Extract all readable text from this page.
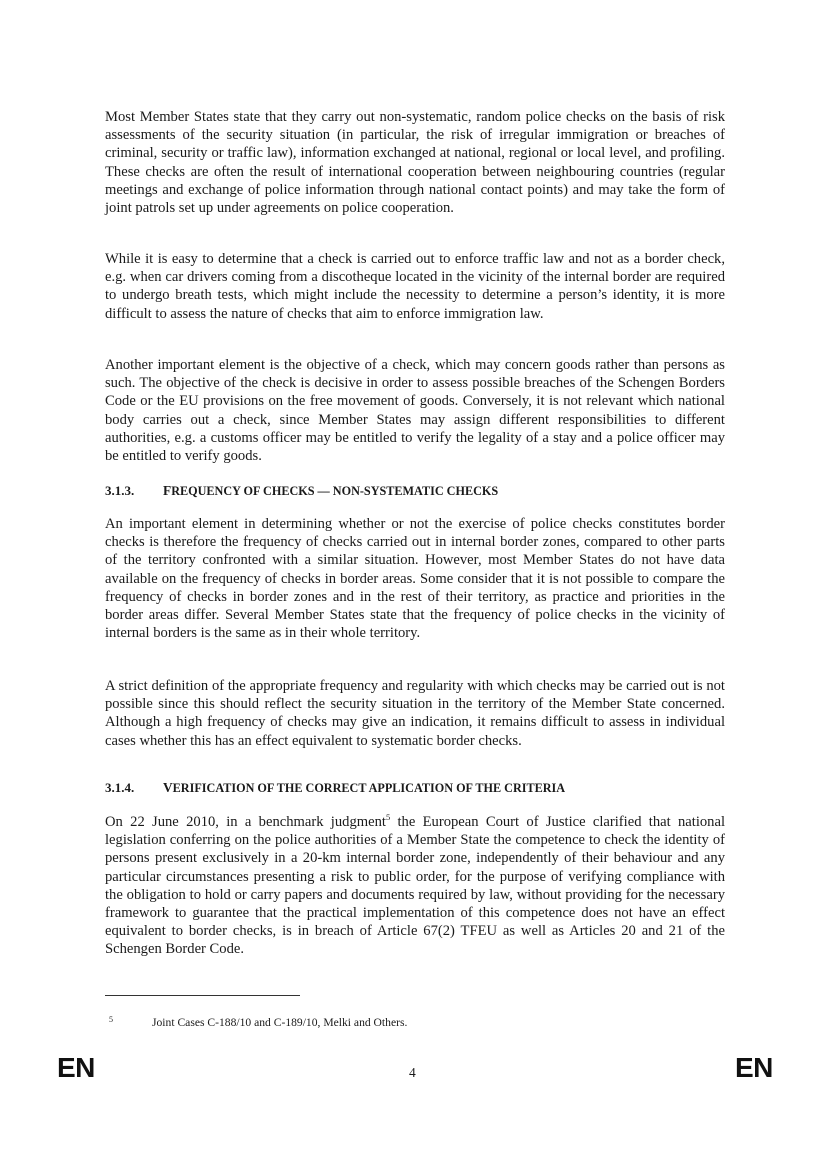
Most Member States state that they carry out non-systematic, random police checks on the basis of risk assessments of the security situation (in particular, the risk of irregular immigration or breaches of criminal, security or traffic law), information exchanged at national, regional or local level, and profiling. These checks are often the result of international cooperation between neighbouring countries (regular meetings and exchange of police information through national contact points) and may take the form of joint patrols set up under agreements on police cooperation.

While it is easy to determine that a check is carried out to enforce traffic law and not as a border check, e.g. when car drivers coming from a discotheque located in the vicinity of the internal border are required to undergo breath tests, which might include the necessity to determine a person’s identity, it is more difficult to assess the nature of checks that aim to enforce immigration law.

Another important element is the objective of a check, which may concern goods rather than persons as such. The objective of the check is decisive in order to assess possible breaches of the Schengen Borders Code or the EU provisions on the free movement of goods. Conversely, it is not relevant which national body carries out a check, since Member States may assign different responsibilities to different authorities, e.g. a customs officer may be entitled to verify the legality of a stay and a police officer may be entitled to verify goods.

3.1.3. FREQUENCY OF CHECKS — NON-SYSTEMATIC CHECKS

An important element in determining whether or not the exercise of police checks constitutes border checks is therefore the frequency of checks carried out in internal border zones, compared to other parts of the territory confronted with a similar situation. However, most Member States do not have data available on the frequency of checks in border areas. Some consider that it is not possible to compare the frequency of checks in border zones and in the rest of their territory, as practice and priorities in the border areas differ. Several Member States state that the frequency of police checks in the vicinity of internal borders is the same as in their whole territory.

A strict definition of the appropriate frequency and regularity with which checks may be carried out is not possible since this should reflect the security situation in the territory of the Member State concerned. Although a high frequency of checks may give an indication, it remains difficult to assess in individual cases whether this has an effect equivalent to systematic border checks.

3.1.4. VERIFICATION OF THE CORRECT APPLICATION OF THE CRITERIA

On 22 June 2010, in a benchmark judgment$^5$ the European Court of Justice clarified that national legislation conferring on the police authorities of a Member State the competence to check the identity of persons present exclusively in a 20-km internal border zone, independently of their behaviour and any particular circumstances presenting a risk to public order, for the purpose of verifying compliance with the obligation to hold or carry papers and documents required by law, without providing for the necessary framework to guarantee that the practical implementation of this competence does not have an effect equivalent to border checks, is in breach of Article 67(2) TFEU as well as Articles 20 and 21 of the Schengen Border Code.

5	Joint Cases C-188/10 and C-189/10, Melki and Others.
EN	4	EN
